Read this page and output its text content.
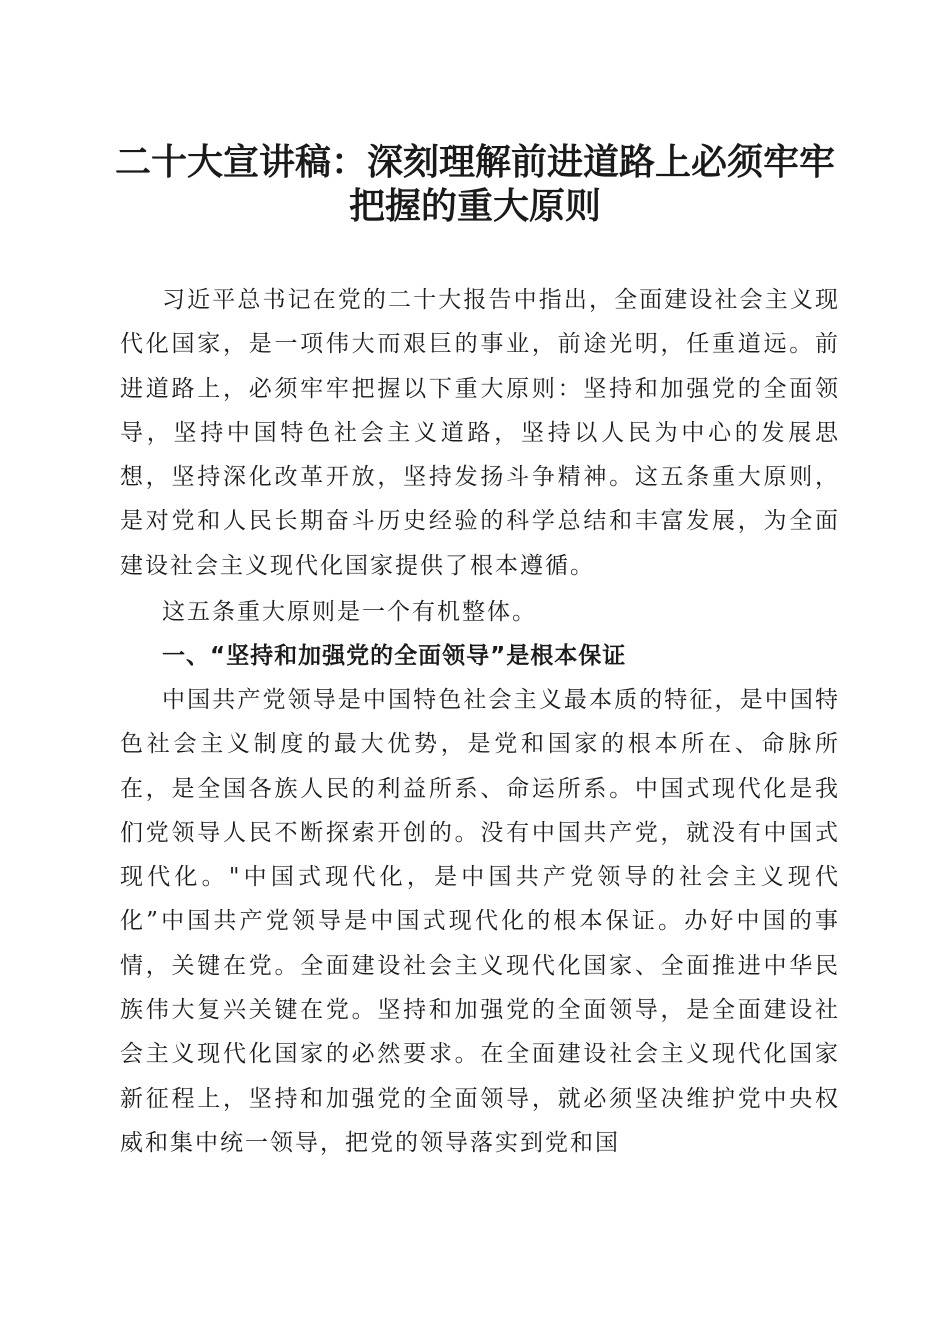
二十大宣讲稿：深刻理解前进道路上必须牢牢
把握的重大原则

习近平总书记在党的二十大报告中指出，全面建设社会主义现代化国家，是一项伟大而艰巨的事业，前途光明，任重道远。前进道路上，必须牢牢把握以下重大原则：坚持和加强党的全面领导，坚持中国特色社会主义道路，坚持以人民为中心的发展思想，坚持深化改革开放，坚持发扬斗争精神。这五条重大原则，是对党和人民长期奋斗历史经验的科学总结和丰富发展，为全面建设社会主义现代化国家提供了根本遵循。

这五条重大原则是一个有机整体。

一、“坚持和加强党的全面领导”是根本保证

中国共产党领导是中国特色社会主义最本质的特征，是中国特色社会主义制度的最大优势，是党和国家的根本所在、命脉所在，是全国各族人民的利益所系、命运所系。中国式现代化是我们党领导人民不断探索开创的。没有中国共产党，就没有中国式现代化。"中国式现代化，是中国共产党领导的社会主义现代化”中国共产党领导是中国式现代化的根本保证。办好中国的事情，关键在党。全面建设社会主义现代化国家、全面推进中华民族伟大复兴关键在党。坚持和加强党的全面领导，是全面建设社会主义现代化国家的必然要求。在全面建设社会主义现代化国家新征程上，坚持和加强党的全面领导，就必须坚决维护党中央权威和集中统一领导，把党的领导落实到党和国
